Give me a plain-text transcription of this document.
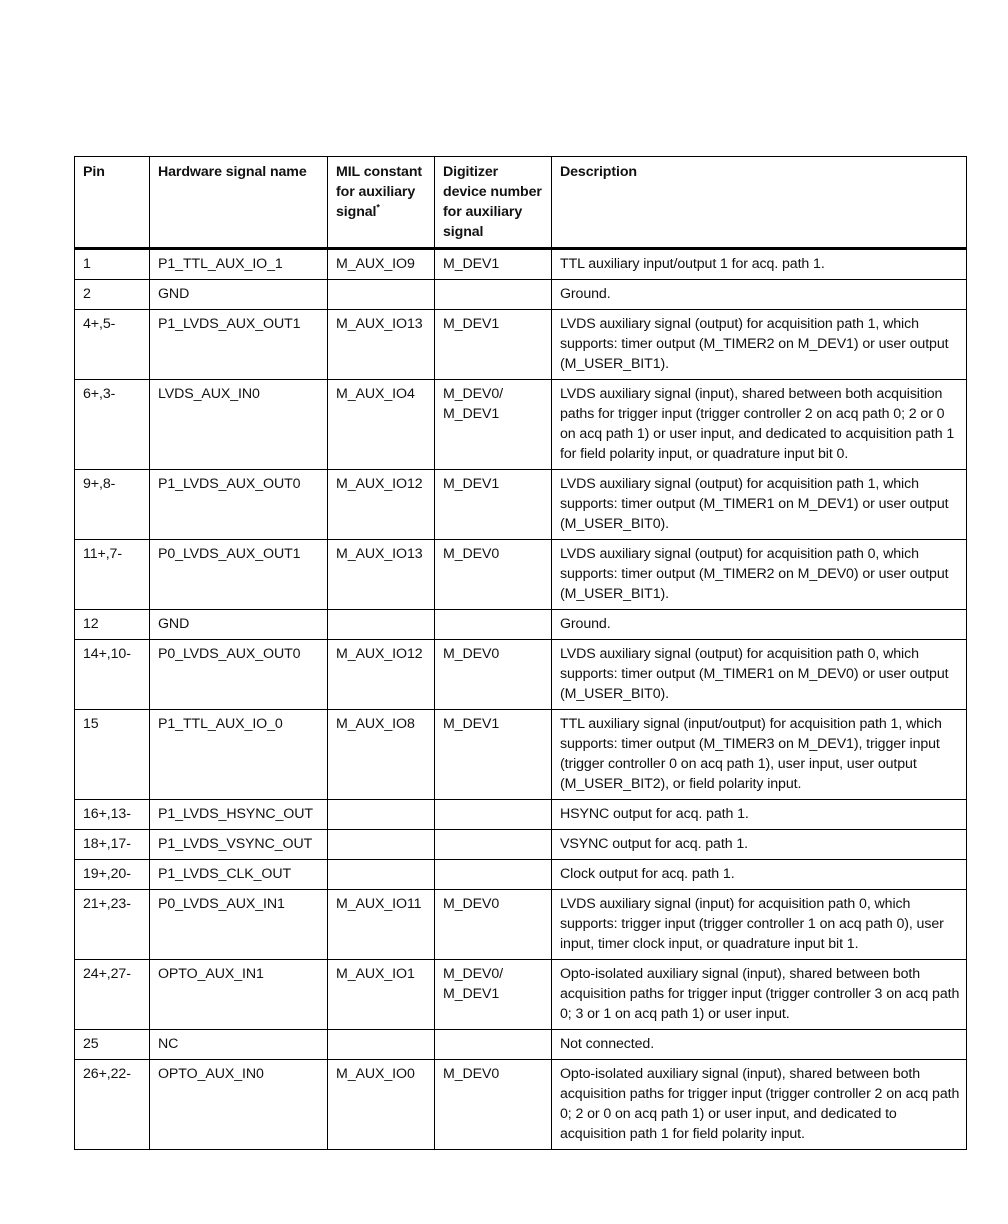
Pin	Hardware signal name	MIL constant for auxiliary signal*	Digitizer device number for auxiliary signal	Description
1	P1_TTL_AUX_IO_1	M_AUX_IO9	M_DEV1	TTL auxiliary input/output 1 for acq. path 1.
2	GND			Ground.
4+,5-	P1_LVDS_AUX_OUT1	M_AUX_IO13	M_DEV1	LVDS auxiliary signal (output) for acquisition path 1, which supports: timer output (M_TIMER2 on M_DEV1) or user output (M_USER_BIT1).
6+,3-	LVDS_AUX_IN0	M_AUX_IO4	M_DEV0/ M_DEV1	LVDS auxiliary signal (input), shared between both acquisition paths for trigger input (trigger controller 2 on acq path 0; 2 or 0 on acq path 1) or user input, and dedicated to acquisition path 1 for field polarity input, or quadrature input bit 0.
9+,8-	P1_LVDS_AUX_OUT0	M_AUX_IO12	M_DEV1	LVDS auxiliary signal (output) for acquisition path 1, which supports: timer output (M_TIMER1 on M_DEV1) or user output (M_USER_BIT0).
11+,7-	P0_LVDS_AUX_OUT1	M_AUX_IO13	M_DEV0	LVDS auxiliary signal (output) for acquisition path 0, which supports: timer output (M_TIMER2 on M_DEV0) or user output (M_USER_BIT1).
12	GND			Ground.
14+,10-	P0_LVDS_AUX_OUT0	M_AUX_IO12	M_DEV0	LVDS auxiliary signal (output) for acquisition path 0, which supports: timer output (M_TIMER1 on M_DEV0) or user output (M_USER_BIT0).
15	P1_TTL_AUX_IO_0	M_AUX_IO8	M_DEV1	TTL auxiliary signal (input/output) for acquisition path 1, which supports: timer output (M_TIMER3 on M_DEV1), trigger input (trigger controller 0 on acq path 1), user input, user output (M_USER_BIT2), or field polarity input.
16+,13-	P1_LVDS_HSYNC_OUT			HSYNC output for acq. path 1.
18+,17-	P1_LVDS_VSYNC_OUT			VSYNC output for acq. path 1.
19+,20-	P1_LVDS_CLK_OUT			Clock output for acq. path 1.
21+,23-	P0_LVDS_AUX_IN1	M_AUX_IO11	M_DEV0	LVDS auxiliary signal (input) for acquisition path 0, which supports: trigger input (trigger controller 1 on acq path 0), user input, timer clock input, or quadrature input bit 1.
24+,27-	OPTO_AUX_IN1	M_AUX_IO1	M_DEV0/ M_DEV1	Opto-isolated auxiliary signal (input), shared between both acquisition paths for trigger input (trigger controller 3 on acq path 0; 3 or 1 on acq path 1) or user input.
25	NC			Not connected.
26+,22-	OPTO_AUX_IN0	M_AUX_IO0	M_DEV0	Opto-isolated auxiliary signal (input), shared between both acquisition paths for trigger input (trigger controller 2 on acq path 0; 2 or 0 on acq path 1) or user input, and dedicated to acquisition path 1 for field polarity input.
